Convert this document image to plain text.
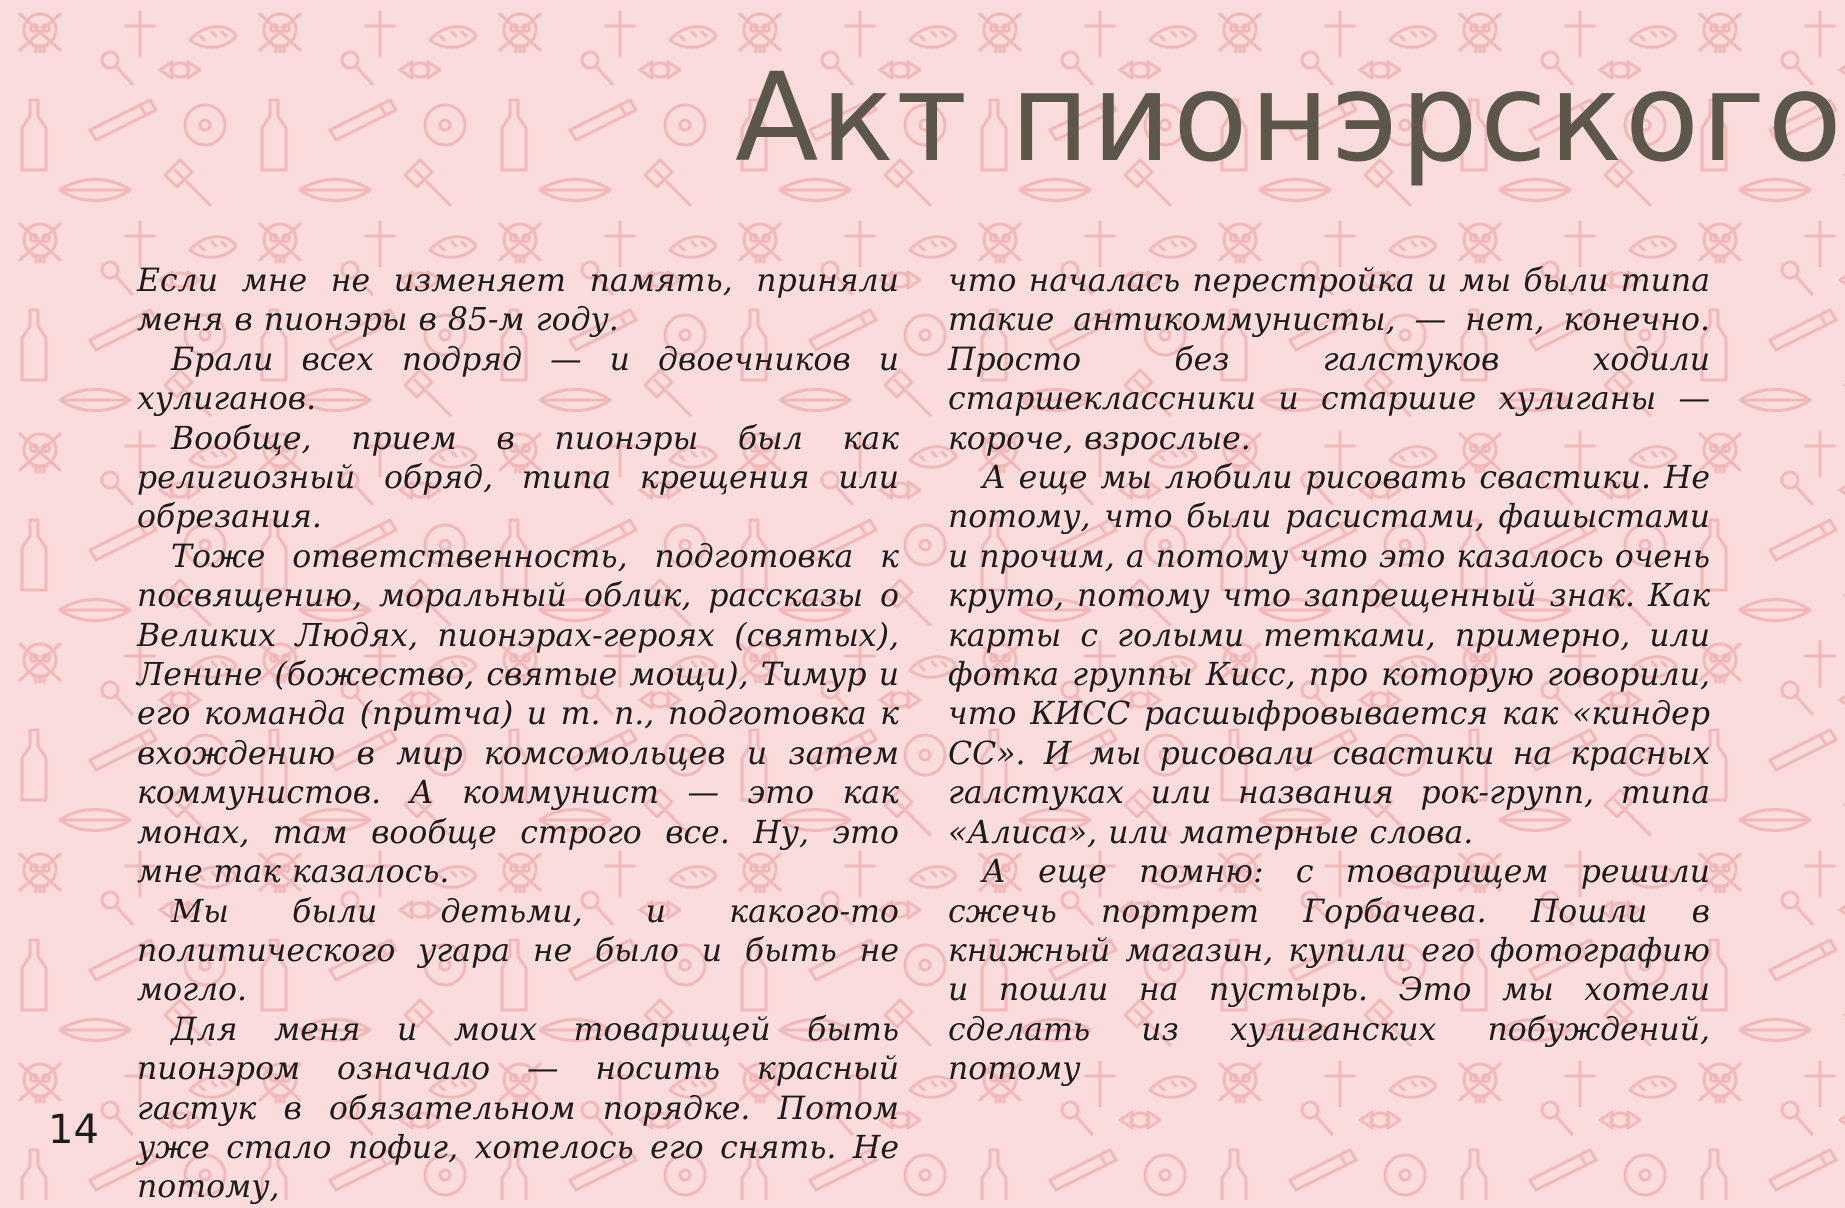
Акт пионэрского

Если мне не изменяет память, приняли меня в пионэры в 85-м году.

Брали всех подряд — и двоечников и хулиганов.

Вообще, прием в пионэры был как религиозный обряд, типа крещения или обрезания.

Тоже ответственность, подготовка к посвящению, моральный облик, рассказы о Великих Людях, пионэрах-героях (святых), Ленине (божество, святые мощи), Тимур и его команда (притча) и т. п., подготовка к вхождению в мир комсомольцев и затем коммунистов. А коммунист — это как монах, там вообще строго все. Ну, это мне так казалось.

Мы были детьми, и какого-то политического угара не было и быть не могло.

Для меня и моих товарищей быть пионэром означало — носить красный гастук в обязательном порядке. Потом уже стало пофиг, хотелось его снять. Не потому,

что началась перестройка и мы были типа такие антикоммунисты, — нет, конечно. Просто без галстуков ходили старшеклассники и старшие хулиганы — короче, взрослые.

А еще мы любили рисовать свастики. Не потому, что были расистами, фашыстами и прочим, а потому что это казалось очень круто, потому что запрещенный знак. Как карты с голыми тетками, примерно, или фотка группы Кисс, про которую говорили, что КИСС расшыфровывается как «киндер СС». И мы рисовали свастики на красных галстуках или названия рок-групп, типа «Алиса», или матерные слова.

А еще помню: с товарищем решили сжечь портрет Горбачева. Пошли в книжный магазин, купили его фотографию и пошли на пустырь. Это мы хотели сделать из хулиганских побуждений, потому

14
